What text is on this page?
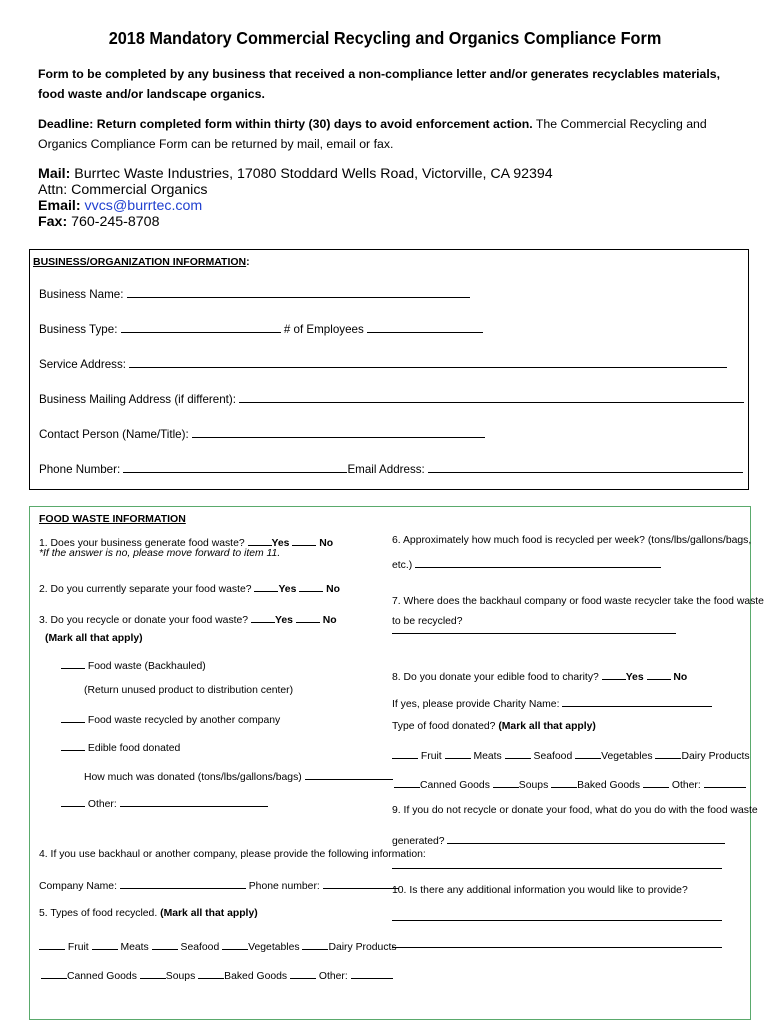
2018 Mandatory Commercial Recycling and Organics Compliance Form
Form to be completed by any business that received a non-compliance letter and/or generates recyclables materials, food waste and/or landscape organics.
Deadline: Return completed form within thirty (30) days to avoid enforcement action. The Commercial Recycling and Organics Compliance Form can be returned by mail, email or fax.
Mail: Burrtec Waste Industries, 17080 Stoddard Wells Road, Victorville, CA 92394
Attn: Commercial Organics
Email: vvcs@burrtec.com
Fax: 760-245-8708
BUSINESS/ORGANIZATION INFORMATION:
Business Name:
Business Type:	# of Employees
Service Address:
Business Mailing Address (if different):
Contact Person (Name/Title):
Phone Number:	Email Address:
FOOD WASTE INFORMATION
1. Does your business generate food waste? Yes	No
*If the answer is no, please move forward to item 11.
2. Do you currently separate your food waste? Yes	No
3. Do you recycle or donate your food waste? Yes	No
(Mark all that apply)
Food waste (Backhauled)
(Return unused product to distribution center)
Food waste recycled by another company
Edible food donated
How much was donated (tons/lbs/gallons/bags)
Other:
4. If you use backhaul or another company, please provide the following information:
Company Name:	Phone number:
5. Types of food recycled. (Mark all that apply)
Fruit	Meats	Seafood	Vegetables	Dairy Products
Canned Goods	Soups	Baked Goods	Other:
6. Approximately how much food is recycled per week? (tons/lbs/gallons/bags,
etc.)
7. Where does the backhaul company or food waste recycler take the food waste
to be recycled?
8. Do you donate your edible food to charity? Yes	No
If yes, please provide Charity Name:
Type of food donated? (Mark all that apply)
Fruit	Meats	Seafood	Vegetables	Dairy Products
Canned Goods	Soups	Baked Goods	Other:
9. If you do not recycle or donate your food, what do you do with the food waste
generated?
10. Is there any additional information you would like to provide?
